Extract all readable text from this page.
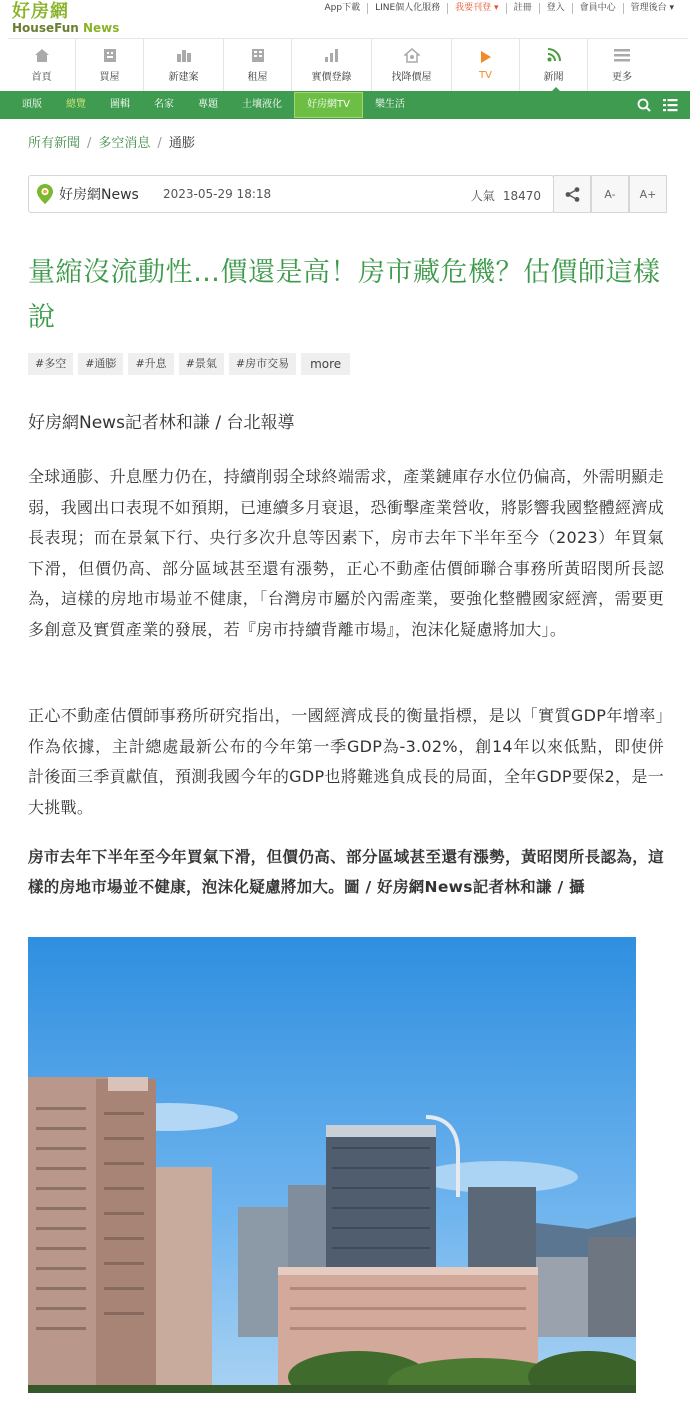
好房網
HouseFun News
App下載	LINE個人化服務	我要刊登 ▾	註冊	登入	會員中心	管理後台 ▾
首頁	買屋	新建案	租屋	實價登錄	找降價屋	TV	新聞	更多
頭版	總覽	圖輯	名家	專題	土壤液化	好房網TV	樂生活
所有新聞 / 多空消息 / 通膨
好房網News 2023-05-29 18:18	人氣 18470	A-	A+
量縮沒流動性…價還是高！房市藏危機？估價師這樣說
#多空	#通膨	#升息	#景氣	#房市交易	more
好房網News記者林和謙 / 台北報導

全球通膨、升息壓力仍在，持續削弱全球終端需求，產業鏈庫存水位仍偏高，外需明顯走弱，我國出口表現不如預期，已連續多月衰退，恐衝擊產業營收，將影響我國整體經濟成長表現；而在景氣下行、央行多次升息等因素下，房市去年下半年至今（2023）年買氣下滑，但價仍高、部分區域甚至還有漲勢，正心不動產估價師聯合事務所黃昭閔所長認為，這樣的房地市場並不健康，「台灣房市屬於內需產業，要強化整體國家經濟，需要更多創意及實質產業的發展，若『房市持續背離市場』，泡沫化疑慮將加大」。

正心不動產估價師事務所研究指出，一國經濟成長的衡量指標，是以「實質GDP年增率」作為依據，主計總處最新公布的今年第一季GDP為-3.02%，創14年以來低點，即使併計後面三季貢獻值，預測我國今年的GDP也將難逃負成長的局面，全年GDP要保2，是一大挑戰。

房市去年下半年至今年買氣下滑，但價仍高、部分區域甚至還有漲勢，黃昭閔所長認為，這樣的房地市場並不健康，泡沫化疑慮將加大。圖 / 好房網News記者林和謙 / 攝
